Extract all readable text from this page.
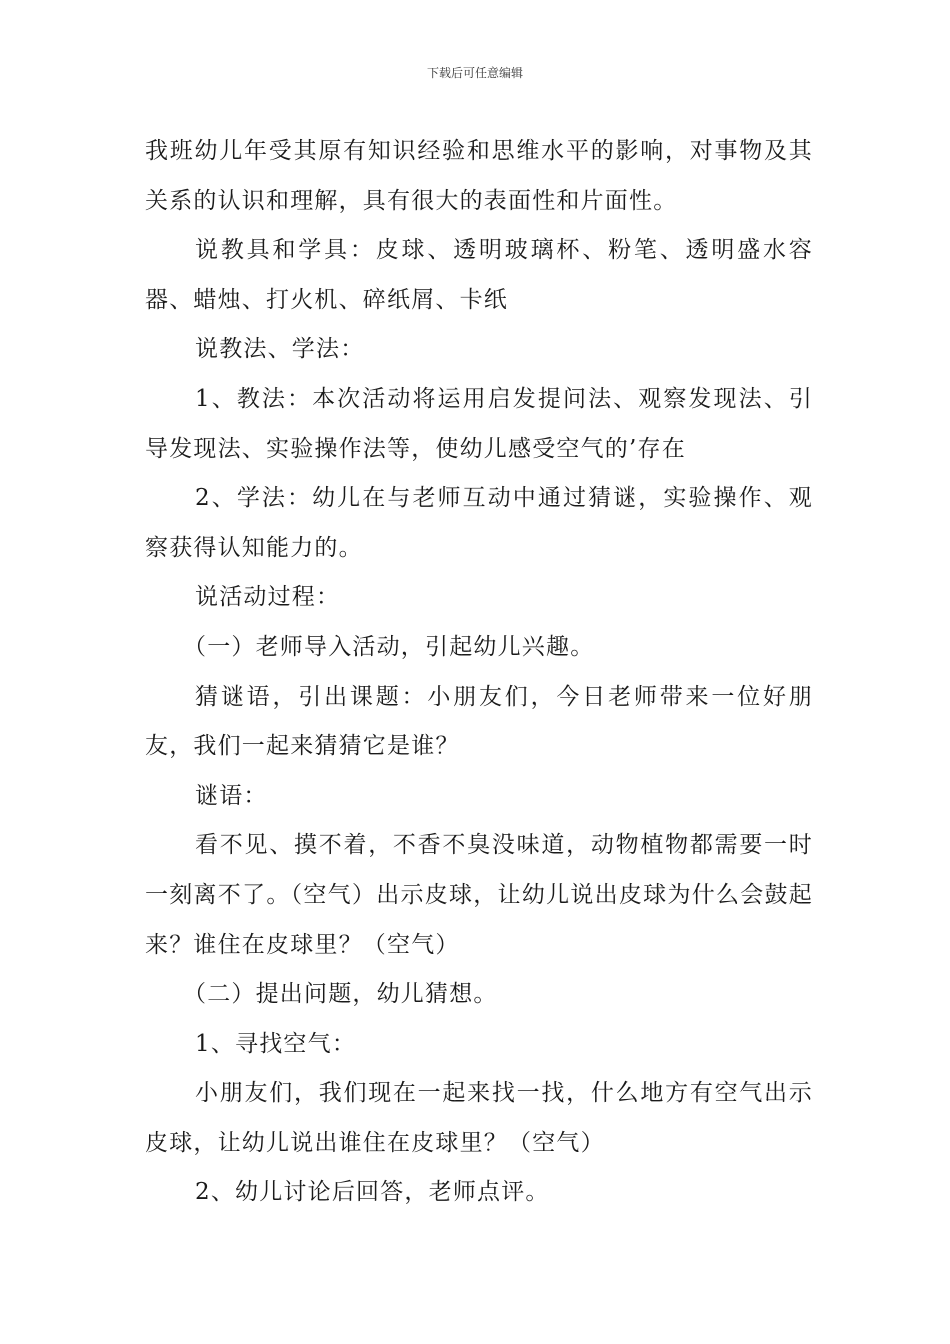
下载后可任意编辑

我班幼儿年受其原有知识经验和思维水平的影响，对事物及其关系的认识和理解，具有很大的表面性和片面性。

说教具和学具：皮球、透明玻璃杯、粉笔、透明盛水容器、蜡烛、打火机、碎纸屑、卡纸

说教法、学法：

1、教法：本次活动将运用启发提问法、观察发现法、引导发现法、实验操作法等，使幼儿感受空气的’存在

2、学法：幼儿在与老师互动中通过猜谜，实验操作、观察获得认知能力的。

说活动过程：

（一）老师导入活动，引起幼儿兴趣。

猜谜语，引出课题：小朋友们，今日老师带来一位好朋友，我们一起来猜猜它是谁？

谜语：

看不见、摸不着，不香不臭没味道，动物植物都需要一时一刻离不了。（空气）出示皮球，让幼儿说出皮球为什么会鼓起来？谁住在皮球里？（空气）

（二）提出问题，幼儿猜想。

1、寻找空气：

小朋友们，我们现在一起来找一找，什么地方有空气出示皮球，让幼儿说出谁住在皮球里？（空气）

2、幼儿讨论后回答，老师点评。
